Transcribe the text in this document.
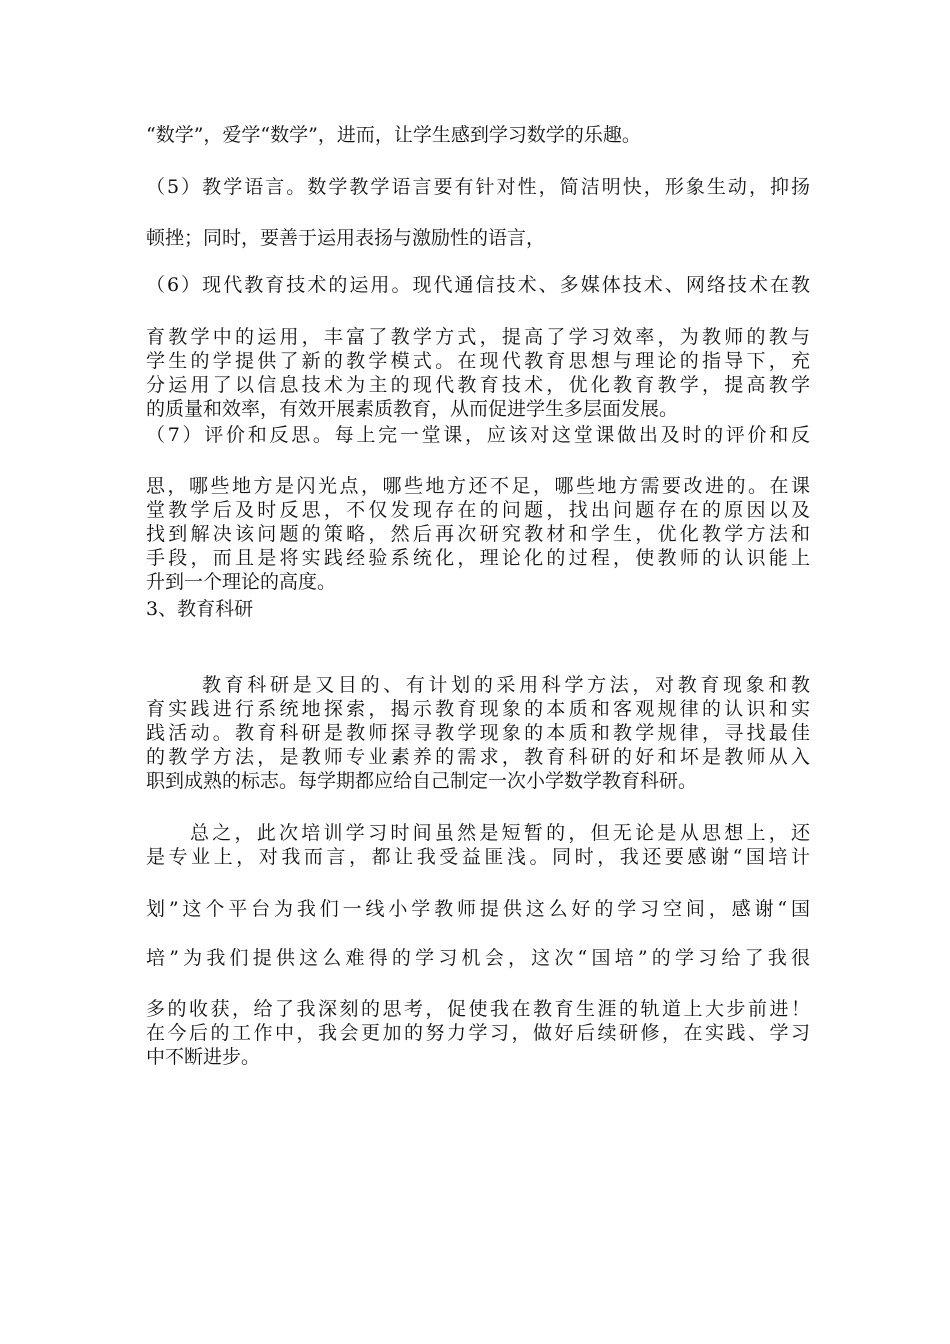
“数学”，爱学“数学”，进而，让学生感到学习数学的乐趣。
（5）教学语言。数学教学语言要有针对性，简洁明快，形象生动，抑扬
顿挫；同时，要善于运用表扬与激励性的语言，
（6）现代教育技术的运用。现代通信技术、多媒体技术、网络技术在教
育教学中的运用，丰富了教学方式，提高了学习效率，为教师的教与
学生的学提供了新的教学模式。在现代教育思想与理论的指导下，充
分运用了以信息技术为主的现代教育技术，优化教育教学，提高教学
的质量和效率，有效开展素质教育，从而促进学生多层面发展。
（7）评价和反思。每上完一堂课，应该对这堂课做出及时的评价和反
思，哪些地方是闪光点，哪些地方还不足，哪些地方需要改进的。在课
堂教学后及时反思，不仅发现存在的问题，找出问题存在的原因以及
找到解决该问题的策略，然后再次研究教材和学生，优化教学方法和
手段，而且是将实践经验系统化，理论化的过程，使教师的认识能上
升到一个理论的高度。
3、教育科研
教育科研是又目的、有计划的采用科学方法，对教育现象和教
育实践进行系统地探索，揭示教育现象的本质和客观规律的认识和实
践活动。教育科研是教师探寻教学现象的本质和教学规律，寻找最佳
的教学方法，是教师专业素养的需求，教育科研的好和坏是教师从入
职到成熟的标志。每学期都应给自己制定一次小学数学教育科研。
总之，此次培训学习时间虽然是短暂的，但无论是从思想上，还
是专业上，对我而言，都让我受益匪浅。同时，我还要感谢“国培计
划”这个平台为我们一线小学教师提供这么好的学习空间，感谢“国
培”为我们提供这么难得的学习机会，这次“国培”的学习给了我很
多的收获，给了我深刻的思考，促使我在教育生涯的轨道上大步前进！
在今后的工作中，我会更加的努力学习，做好后续研修，在实践、学习
中不断进步。
